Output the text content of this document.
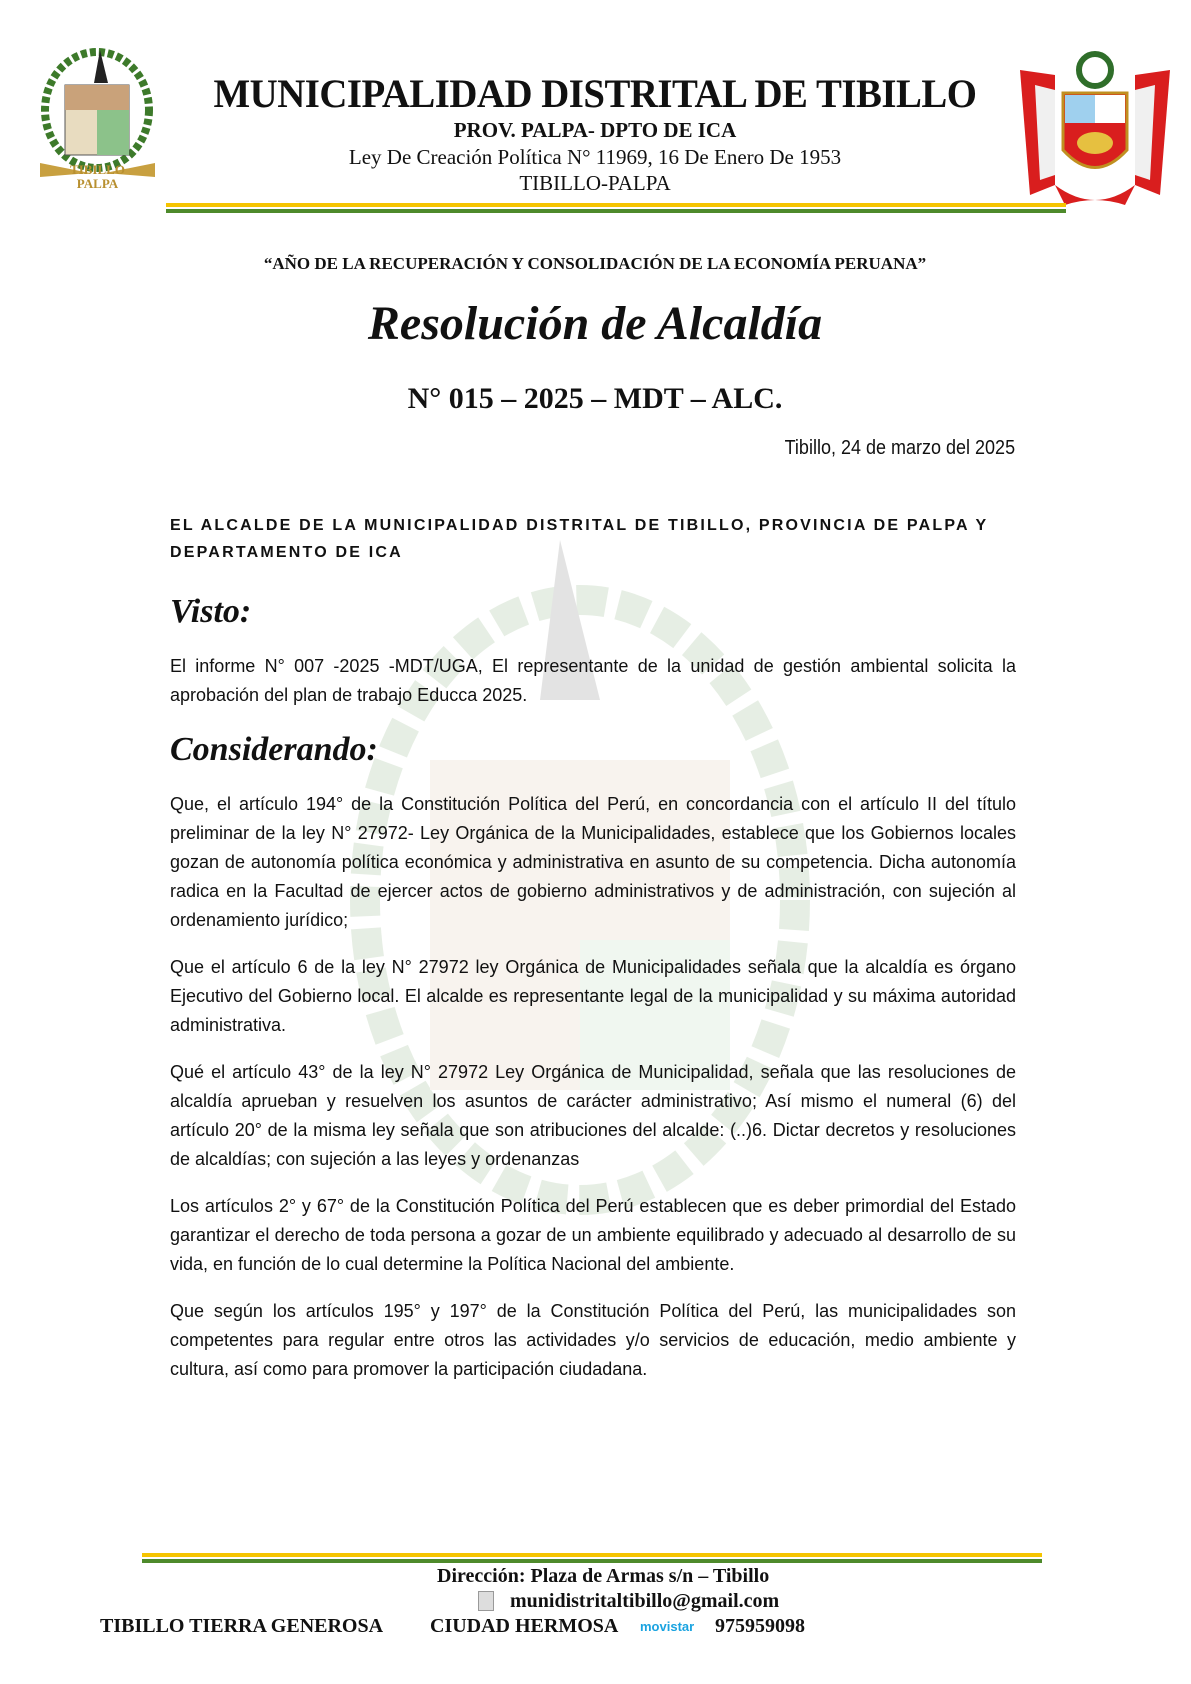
TIBILLO PALPA
MUNICIPALIDAD DISTRITAL DE TIBILLO
PROV. PALPA- DPTO DE ICA
Ley De Creación Política N° 11969, 16 De Enero De 1953
TIBILLO-PALPA
“AÑO DE LA RECUPERACIÓN Y CONSOLIDACIÓN DE LA ECONOMÍA PERUANA”
Resolución de Alcaldía
N° 015 – 2025 – MDT – ALC.
Tibillo, 24 de marzo del 2025
EL ALCALDE DE LA MUNICIPALIDAD DISTRITAL DE TIBILLO, PROVINCIA DE PALPA Y DEPARTAMENTO DE ICA
Visto:
El informe N° 007 -2025 -MDT/UGA, El representante de la unidad de gestión ambiental solicita la aprobación del plan de trabajo Educca 2025.
Considerando:
Que, el artículo 194° de la Constitución Política del Perú, en concordancia con el artículo II del título preliminar de la ley N° 27972- Ley Orgánica de la Municipalidades, establece que los Gobiernos locales gozan de autonomía política económica y administrativa en asunto de su competencia. Dicha autonomía radica en la Facultad de ejercer actos de gobierno administrativos y de administración, con sujeción al ordenamiento jurídico;
Que el artículo 6 de la ley N° 27972 ley Orgánica de Municipalidades señala que la alcaldía es órgano Ejecutivo del Gobierno local. El alcalde es representante legal de la municipalidad y su máxima autoridad administrativa.
Qué el artículo 43° de la ley N° 27972 Ley Orgánica de Municipalidad, señala que las resoluciones de alcaldía aprueban y resuelven los asuntos de carácter administrativo; Así mismo el numeral (6) del artículo 20° de la misma ley señala que son atribuciones del alcalde: (..)6. Dictar decretos y resoluciones de alcaldías; con sujeción a las leyes y ordenanzas
Los artículos 2° y 67° de la Constitución Política del Perú establecen que es deber primordial del Estado garantizar el derecho de toda persona a gozar de un ambiente equilibrado y adecuado al desarrollo de su vida, en función de lo cual determine la Política Nacional del ambiente.
Que según los artículos 195° y 197° de la Constitución Política del Perú, las municipalidades son competentes para regular entre otros las actividades y/o servicios de educación, medio ambiente y cultura, así como para promover la participación ciudadana.
Dirección: Plaza de Armas s/n – Tibillo
munidistritaltibillo@gmail.com
TIBILLO TIERRA GENEROSA CIUDAD HERMOSA movistar 975959098
